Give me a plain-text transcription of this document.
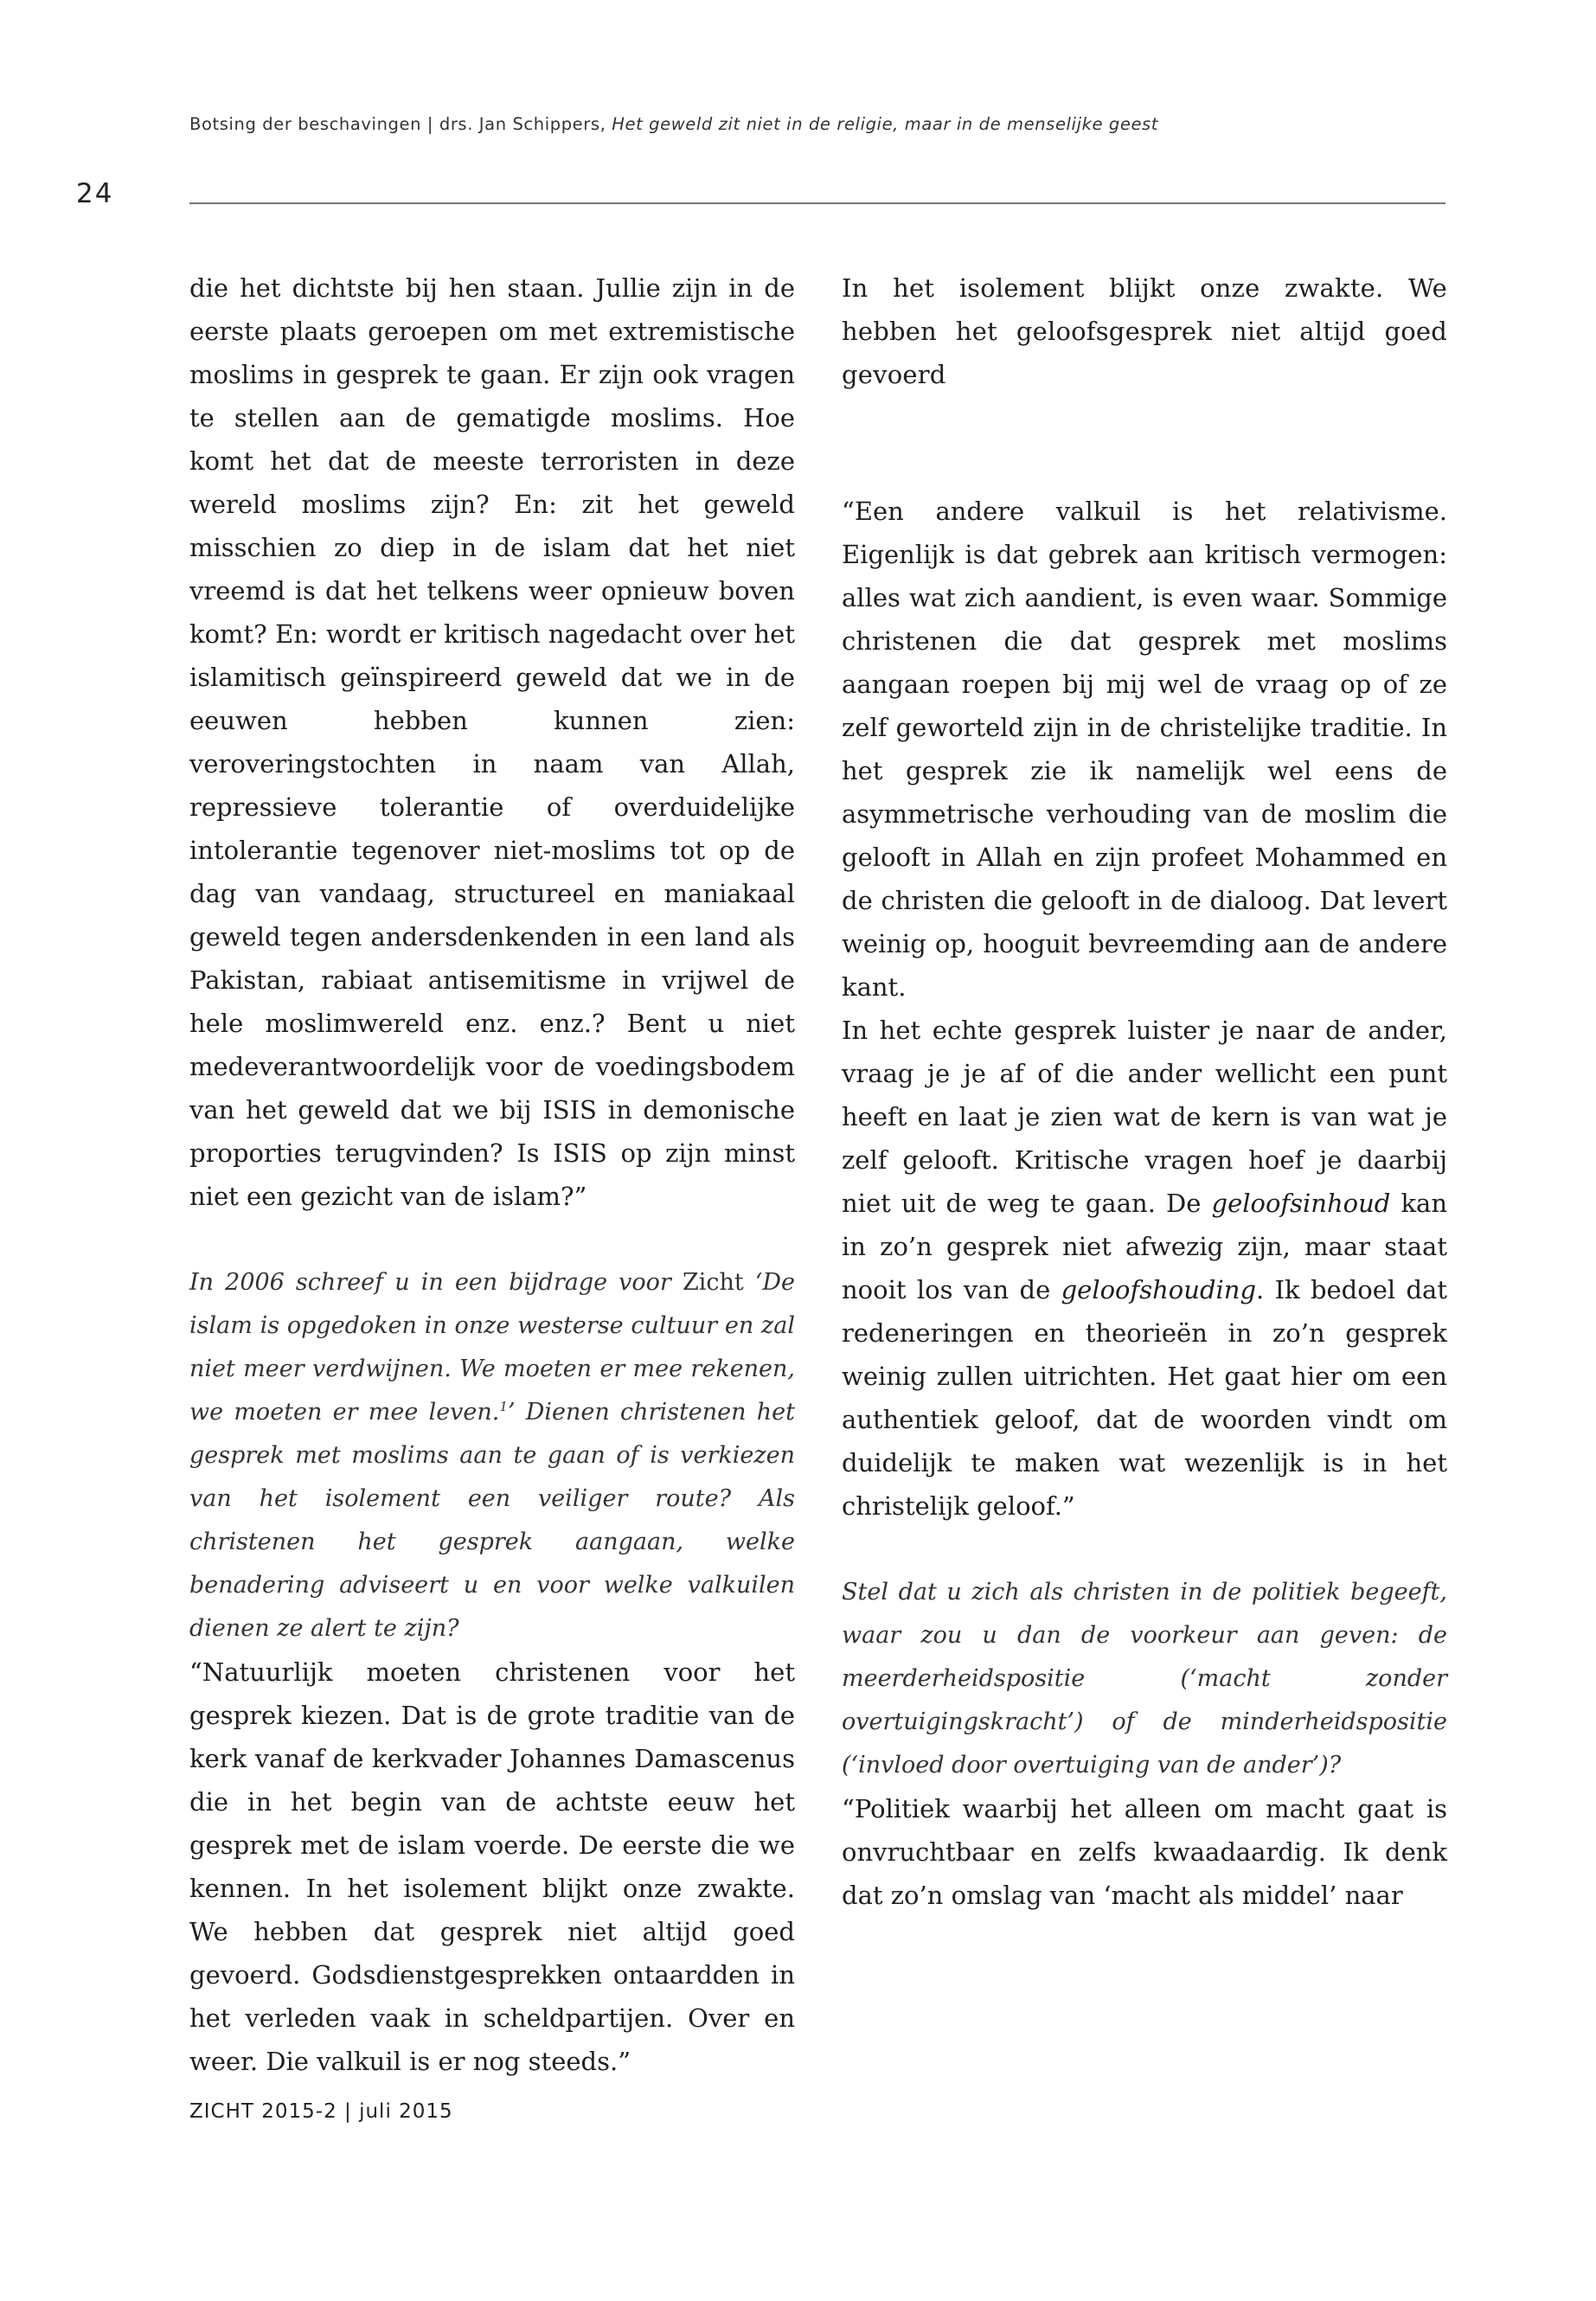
Botsing der beschavingen | drs. Jan Schippers, Het geweld zit niet in de religie, maar in de menselijke geest
24

die het dichtste bij hen staan. Jullie zijn in de eerste plaats geroepen om met extremistische moslims in gesprek te gaan. Er zijn ook vragen te stellen aan de gematigde moslims. Hoe komt het dat de meeste terroristen in deze wereld moslims zijn? En: zit het geweld misschien zo diep in de islam dat het niet vreemd is dat het telkens weer opnieuw boven komt? En: wordt er kritisch nagedacht over het islamitisch geïnspireerd geweld dat we in de eeuwen hebben kunnen zien: veroveringstochten in naam van Allah, repressieve tolerantie of overduidelijke intolerantie tegenover niet-moslims tot op de dag van vandaag, structureel en maniakaal geweld tegen andersdenkenden in een land als Pakistan, rabiaat antisemitisme in vrijwel de hele moslimwereld enz. enz.? Bent u niet medeverantwoordelijk voor de voedingsbodem van het geweld dat we bij ISIS in demonische proporties terugvinden? Is ISIS op zijn minst niet een gezicht van de islam?”

In 2006 schreef u in een bijdrage voor Zicht ‘De islam is opgedoken in onze westerse cultuur en zal niet meer verdwijnen. We moeten er mee rekenen, we moeten er mee leven.$^1$’ Dienen christenen het gesprek met moslims aan te gaan of is verkiezen van het isolement een veiliger route? Als christenen het gesprek aangaan, welke benadering adviseert u en voor welke valkuilen dienen ze alert te zijn?

“Natuurlijk moeten christenen voor het gesprek kiezen. Dat is de grote traditie van de kerk vanaf de kerkvader Johannes Damascenus die in het begin van de achtste eeuw het gesprek met de islam voerde. De eerste die we kennen. In het isolement blijkt onze zwakte. We hebben dat gesprek niet altijd goed gevoerd. Godsdienstgesprekken ontaardden in het verleden vaak in scheldpartijen. Over en weer. Die valkuil is er nog steeds.”

In het isolement blijkt onze zwakte. We hebben het geloofsgesprek niet altijd goed gevoerd

“Een andere valkuil is het relativisme. Eigenlijk is dat gebrek aan kritisch vermogen: alles wat zich aandient, is even waar. Sommige christenen die dat gesprek met moslims aangaan roepen bij mij wel de vraag op of ze zelf geworteld zijn in de christelijke traditie. In het gesprek zie ik namelijk wel eens de asymmetrische verhouding van de moslim die gelooft in Allah en zijn profeet Mohammed en de christen die gelooft in de dialoog. Dat levert weinig op, hooguit bevreemding aan de andere kant.

In het echte gesprek luister je naar de ander, vraag je je af of die ander wellicht een punt heeft en laat je zien wat de kern is van wat je zelf gelooft. Kritische vragen hoef je daarbij niet uit de weg te gaan. De geloofsinhoud kan in zo’n gesprek niet afwezig zijn, maar staat nooit los van de geloofshouding. Ik bedoel dat redeneringen en theorieën in zo’n gesprek weinig zullen uitrichten. Het gaat hier om een authentiek geloof, dat de woorden vindt om duidelijk te maken wat wezenlijk is in het christelijk geloof.”

Stel dat u zich als christen in de politiek begeeft, waar zou u dan de voorkeur aan geven: de meerderheidspositie (‘macht zonder overtuigingskracht’) of de minderheidspositie (‘invloed door overtuiging van de ander’)?

“Politiek waarbij het alleen om macht gaat is onvruchtbaar en zelfs kwaadaardig. Ik denk dat zo’n omslag van ‘macht als middel’ naar

ZICHT 2015-2 | juli 2015
